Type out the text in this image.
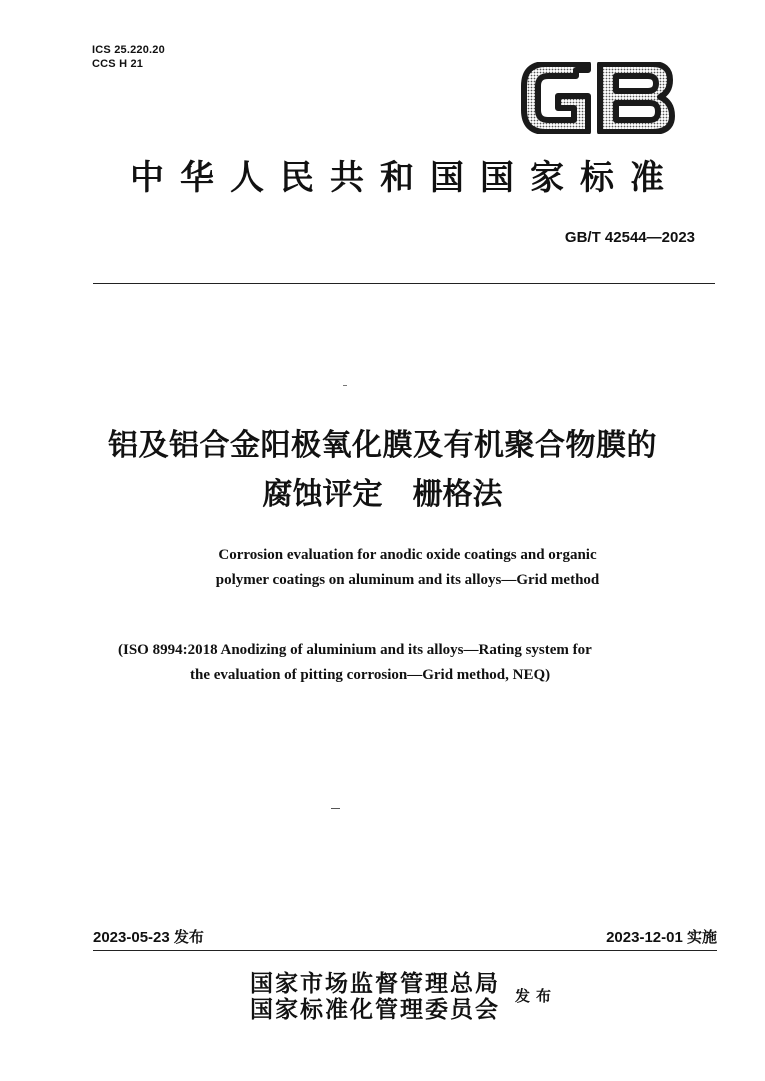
ICS 25.220.20
CCS H 21
中华人民共和国国家标准
GB/T 42544—2023
铝及铝合金阳极氧化膜及有机聚合物膜的
腐蚀评定　栅格法
Corrosion evaluation for anodic oxide coatings and organic
polymer coatings on aluminum and its alloys—Grid method
(ISO 8994:2018 Anodizing of aluminium and its alloys—Rating system for
the evaluation of pitting corrosion—Grid method, NEQ)
2023-05-23 发布	2023-12-01 实施
国家市场监督管理总局
国家标准化管理委员会 发布
